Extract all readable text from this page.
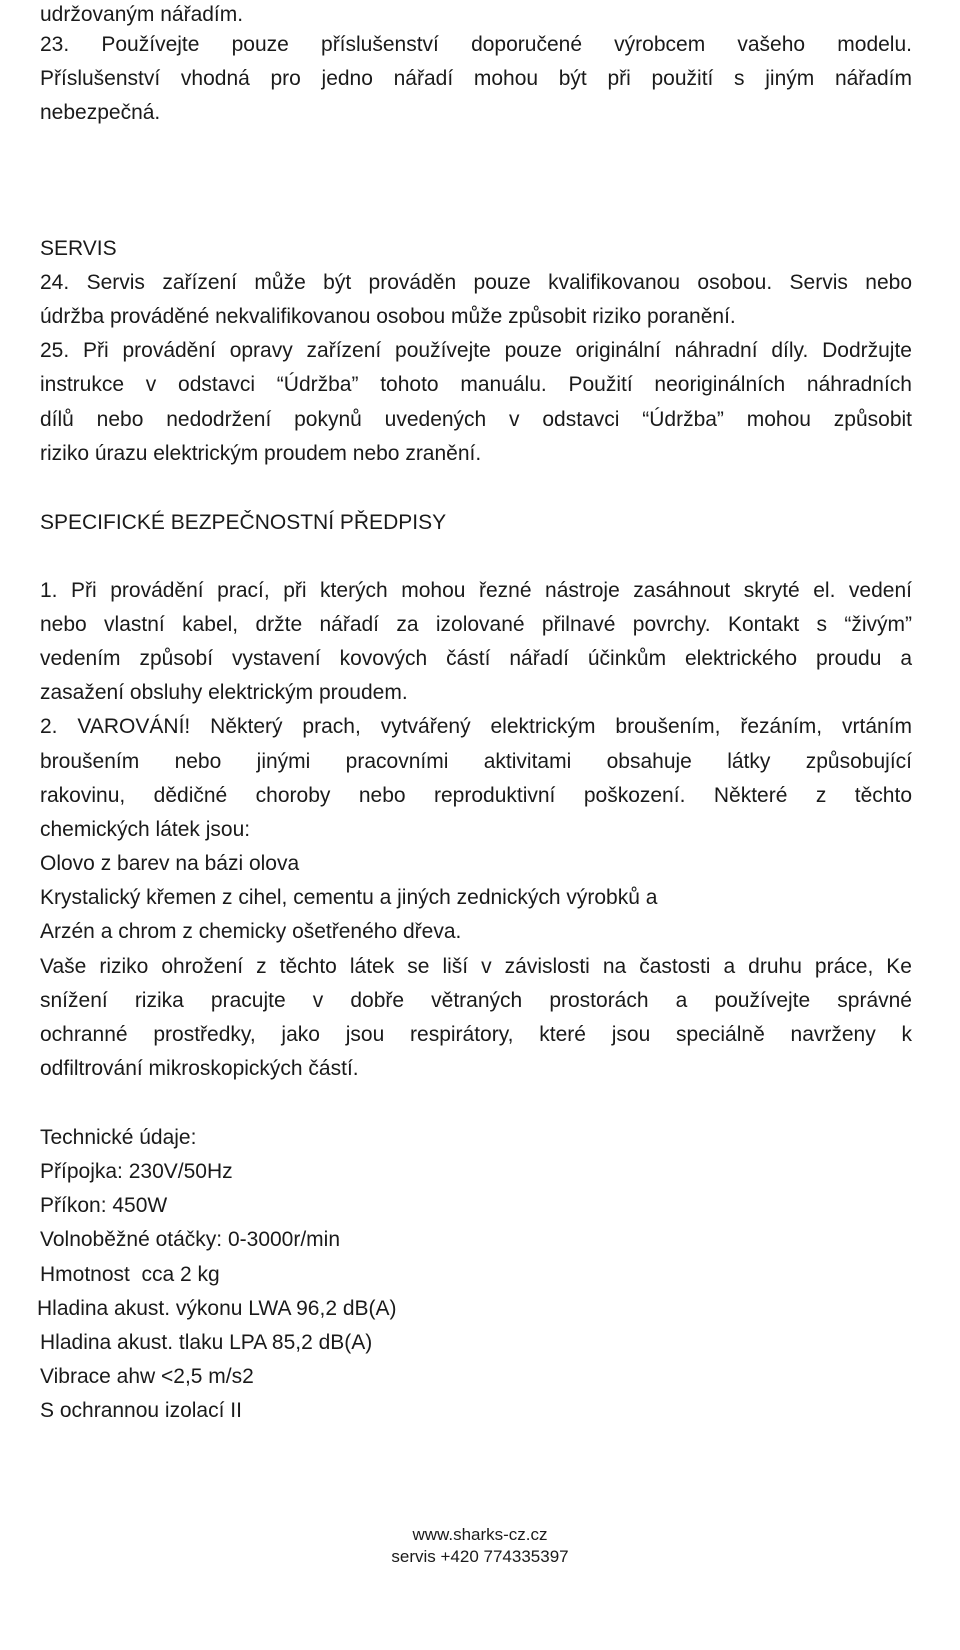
udržovaným nářadím.
23. Používejte pouze příslušenství doporučené výrobcem vašeho modelu.
Příslušenství vhodná pro jedno nářadí mohou být při použití s jiným nářadím
nebezpečná.
SERVIS
24. Servis zařízení může být prováděn pouze kvalifikovanou osobou. Servis nebo
údržba prováděné nekvalifikovanou osobou může způsobit riziko poranění.
25. Při provádění opravy zařízení používejte pouze originální náhradní díly. Dodržujte
instrukce v odstavci “Údržba” tohoto manuálu. Použití neoriginálních náhradních
dílů nebo nedodržení pokynů uvedených v odstavci “Údržba” mohou způsobit
riziko úrazu elektrickým proudem nebo zranění.
SPECIFICKÉ BEZPEČNOSTNÍ PŘEDPISY
1. Při provádění prací, při kterých mohou řezné nástroje zasáhnout skryté el. vedení
nebo vlastní kabel, držte nářadí za izolované přilnavé povrchy. Kontakt s “živým”
vedením způsobí vystavení kovových částí nářadí účinkům elektrického proudu a
zasažení obsluhy elektrickým proudem.
2. VAROVÁNÍ! Některý prach, vytvářený elektrickým broušením, řezáním, vrtáním
broušením nebo jinými pracovními aktivitami obsahuje látky způsobující
rakovinu, dědičné choroby nebo reproduktivní poškození. Některé z těchto
chemických látek jsou:
Olovo z barev na bázi olova
Krystalický křemen z cihel, cementu a jiných zednických výrobků a
Arzén a chrom z chemicky ošetřeného dřeva.
Vaše riziko ohrožení z těchto látek se liší v závislosti na častosti a druhu práce, Ke
snížení rizika pracujte v dobře větraných prostorách a používejte správné
ochranné prostředky, jako jsou respirátory, které jsou speciálně navrženy k
odfiltrování mikroskopických částí.
Technické údaje:
Přípojka: 230V/50Hz
Příkon: 450W
Volnoběžné otáčky: 0-3000r/min
Hmotnost  cca 2 kg
Hladina akust. výkonu LWA 96,2 dB(A)
Hladina akust. tlaku LPA 85,2 dB(A)
Vibrace ahw <2,5 m/s2
S ochrannou izolací II
www.sharks-cz.cz
servis +420 774335397
